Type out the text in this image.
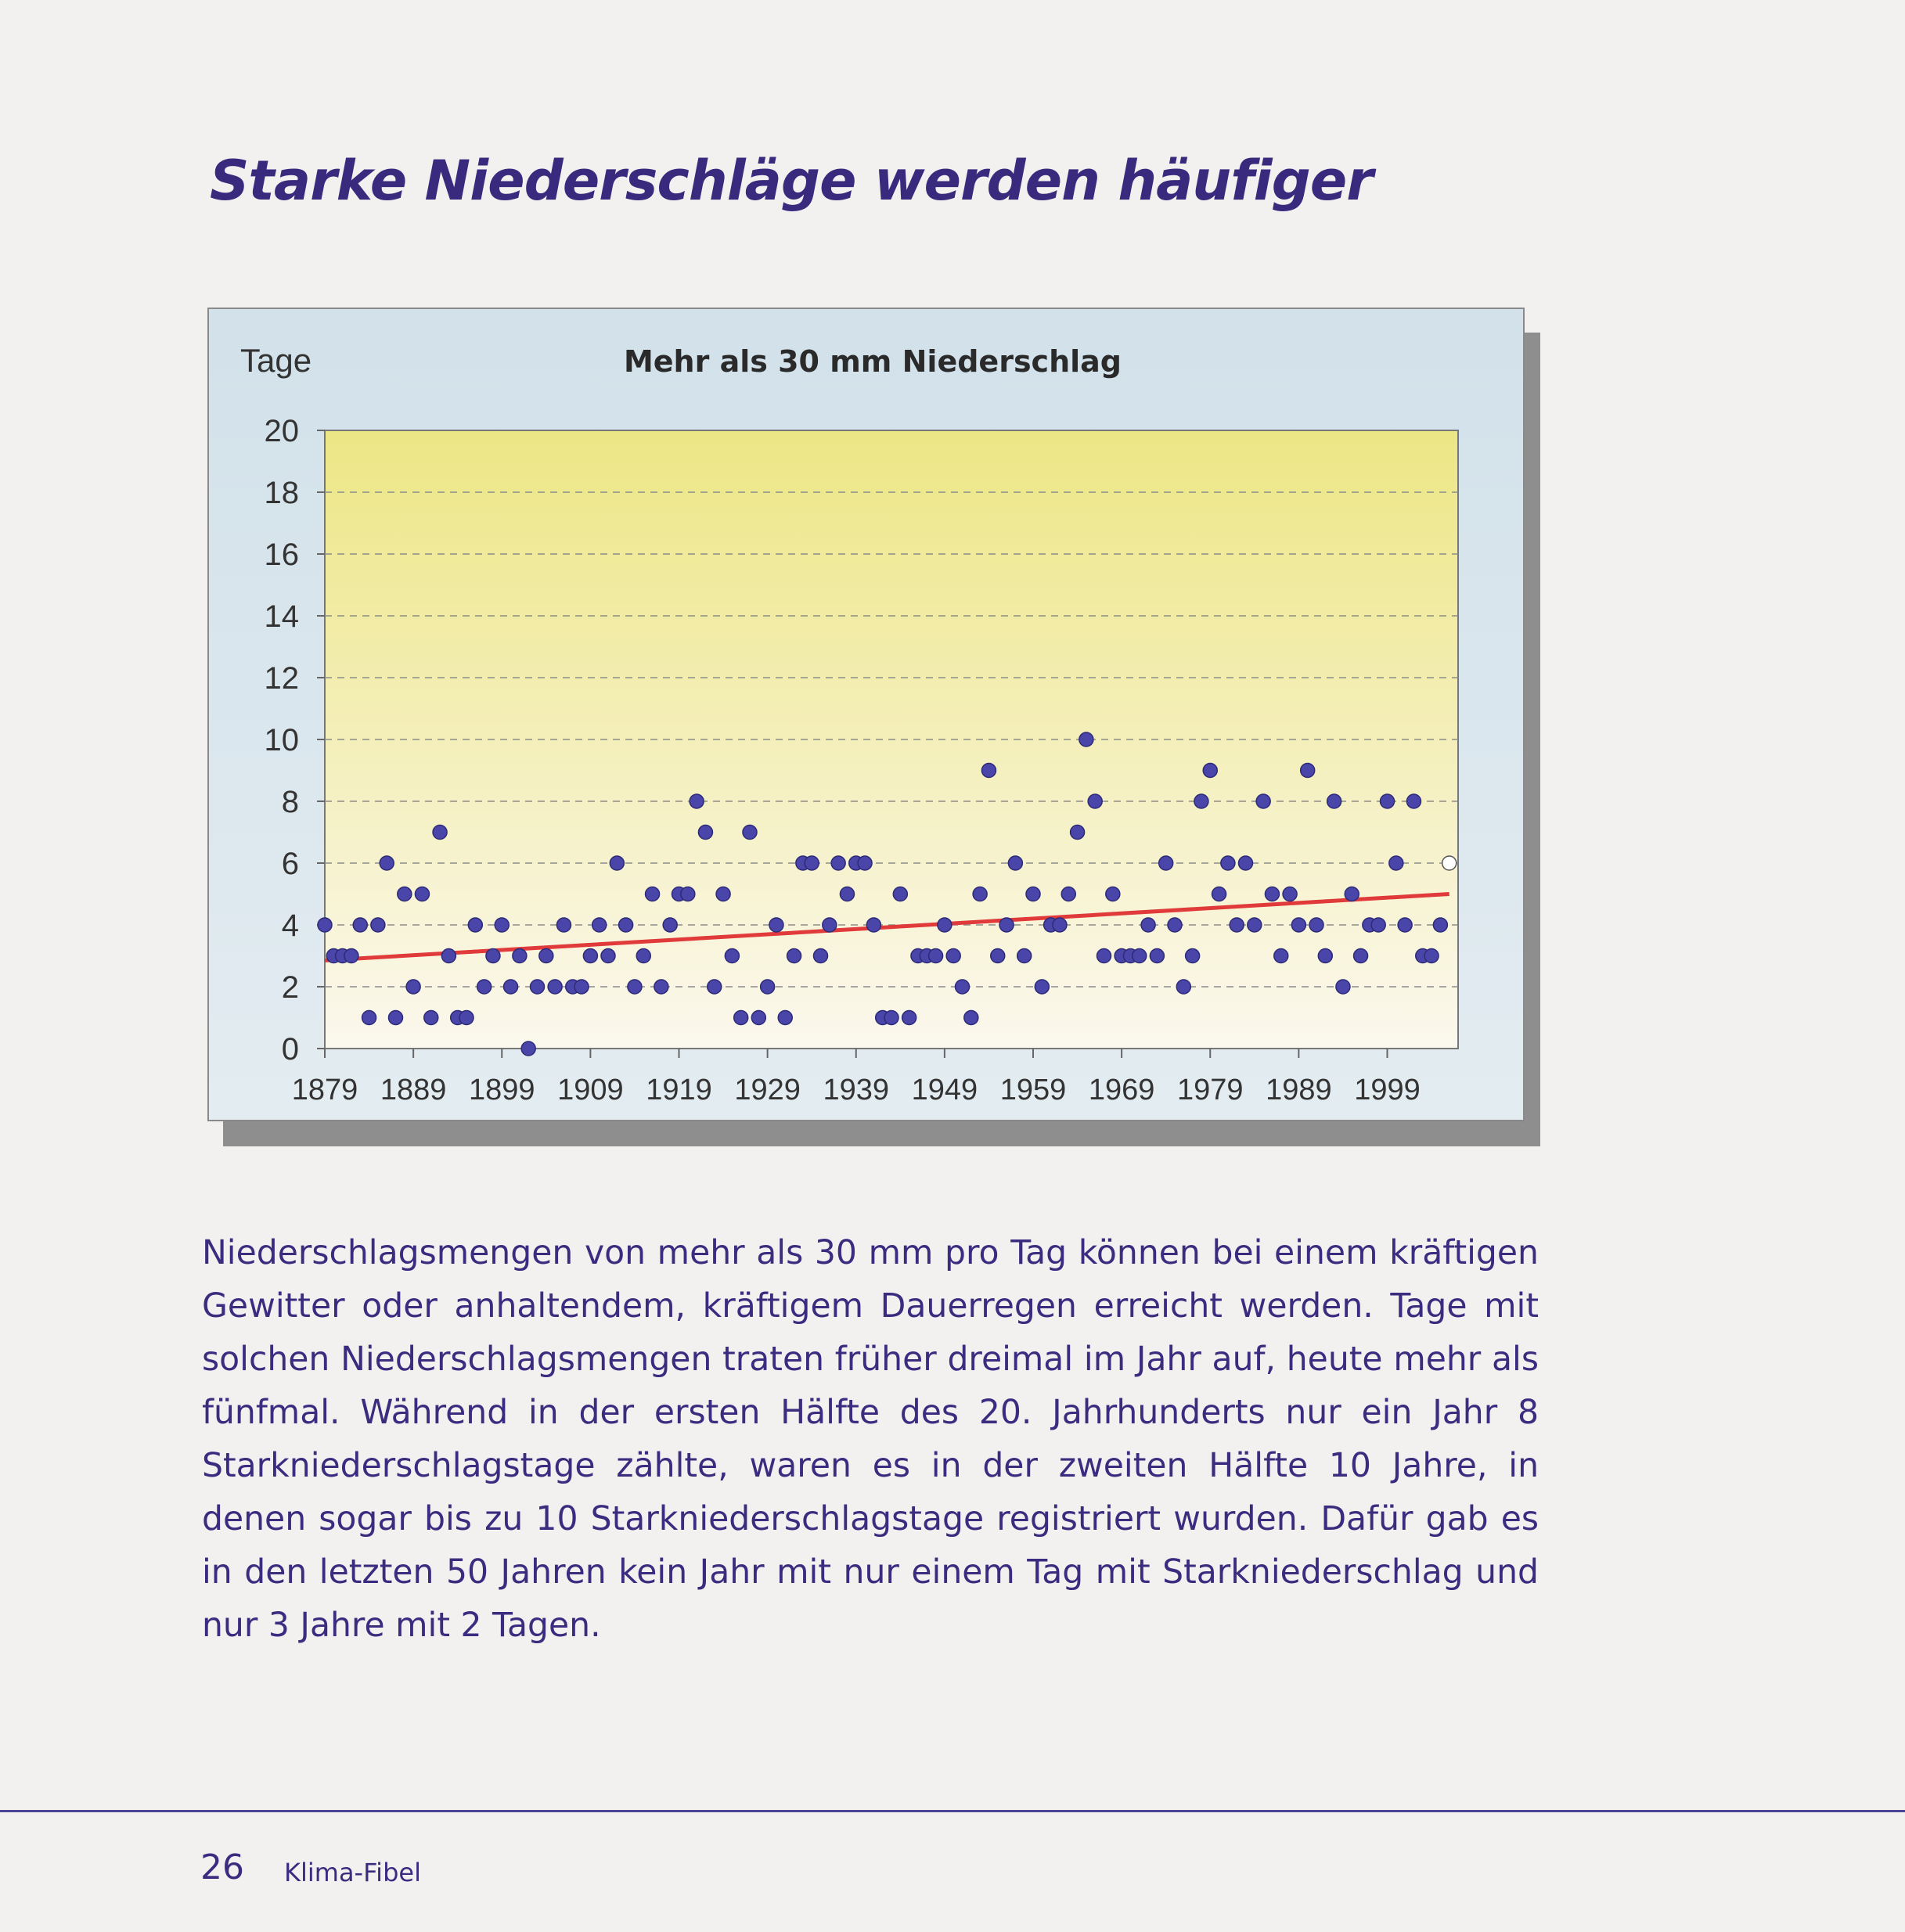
Starke Niederschläge werden häufiger
Tage	Mehr als 30 mm Niederschlag
0
2
4
6
8
10
12
14
16
18
20
1879 1889 1899 1909 1919 1929 1939 1949 1959 1969 1979 1989 1999

Niederschlagsmengen von mehr als 30 mm pro Tag können bei einem kräftigen Gewitter oder anhaltendem, kräftigem Dauerregen erreicht werden. Tage mit solchen Niederschlagsmengen traten früher dreimal im Jahr auf, heute mehr als fünfmal. Während in der ersten Hälfte des 20. Jahrhunderts nur ein Jahr 8 Starkniederschlagstage zählte, waren es in der zweiten Hälfte 10 Jahre, in denen sogar bis zu 10 Starkniederschlagstage registriert wurden. Dafür gab es in den letzten 50 Jahren kein Jahr mit nur einem Tag mit Starkniederschlag und nur 3 Jahre mit 2 Tagen.

26 Klima-Fibel
